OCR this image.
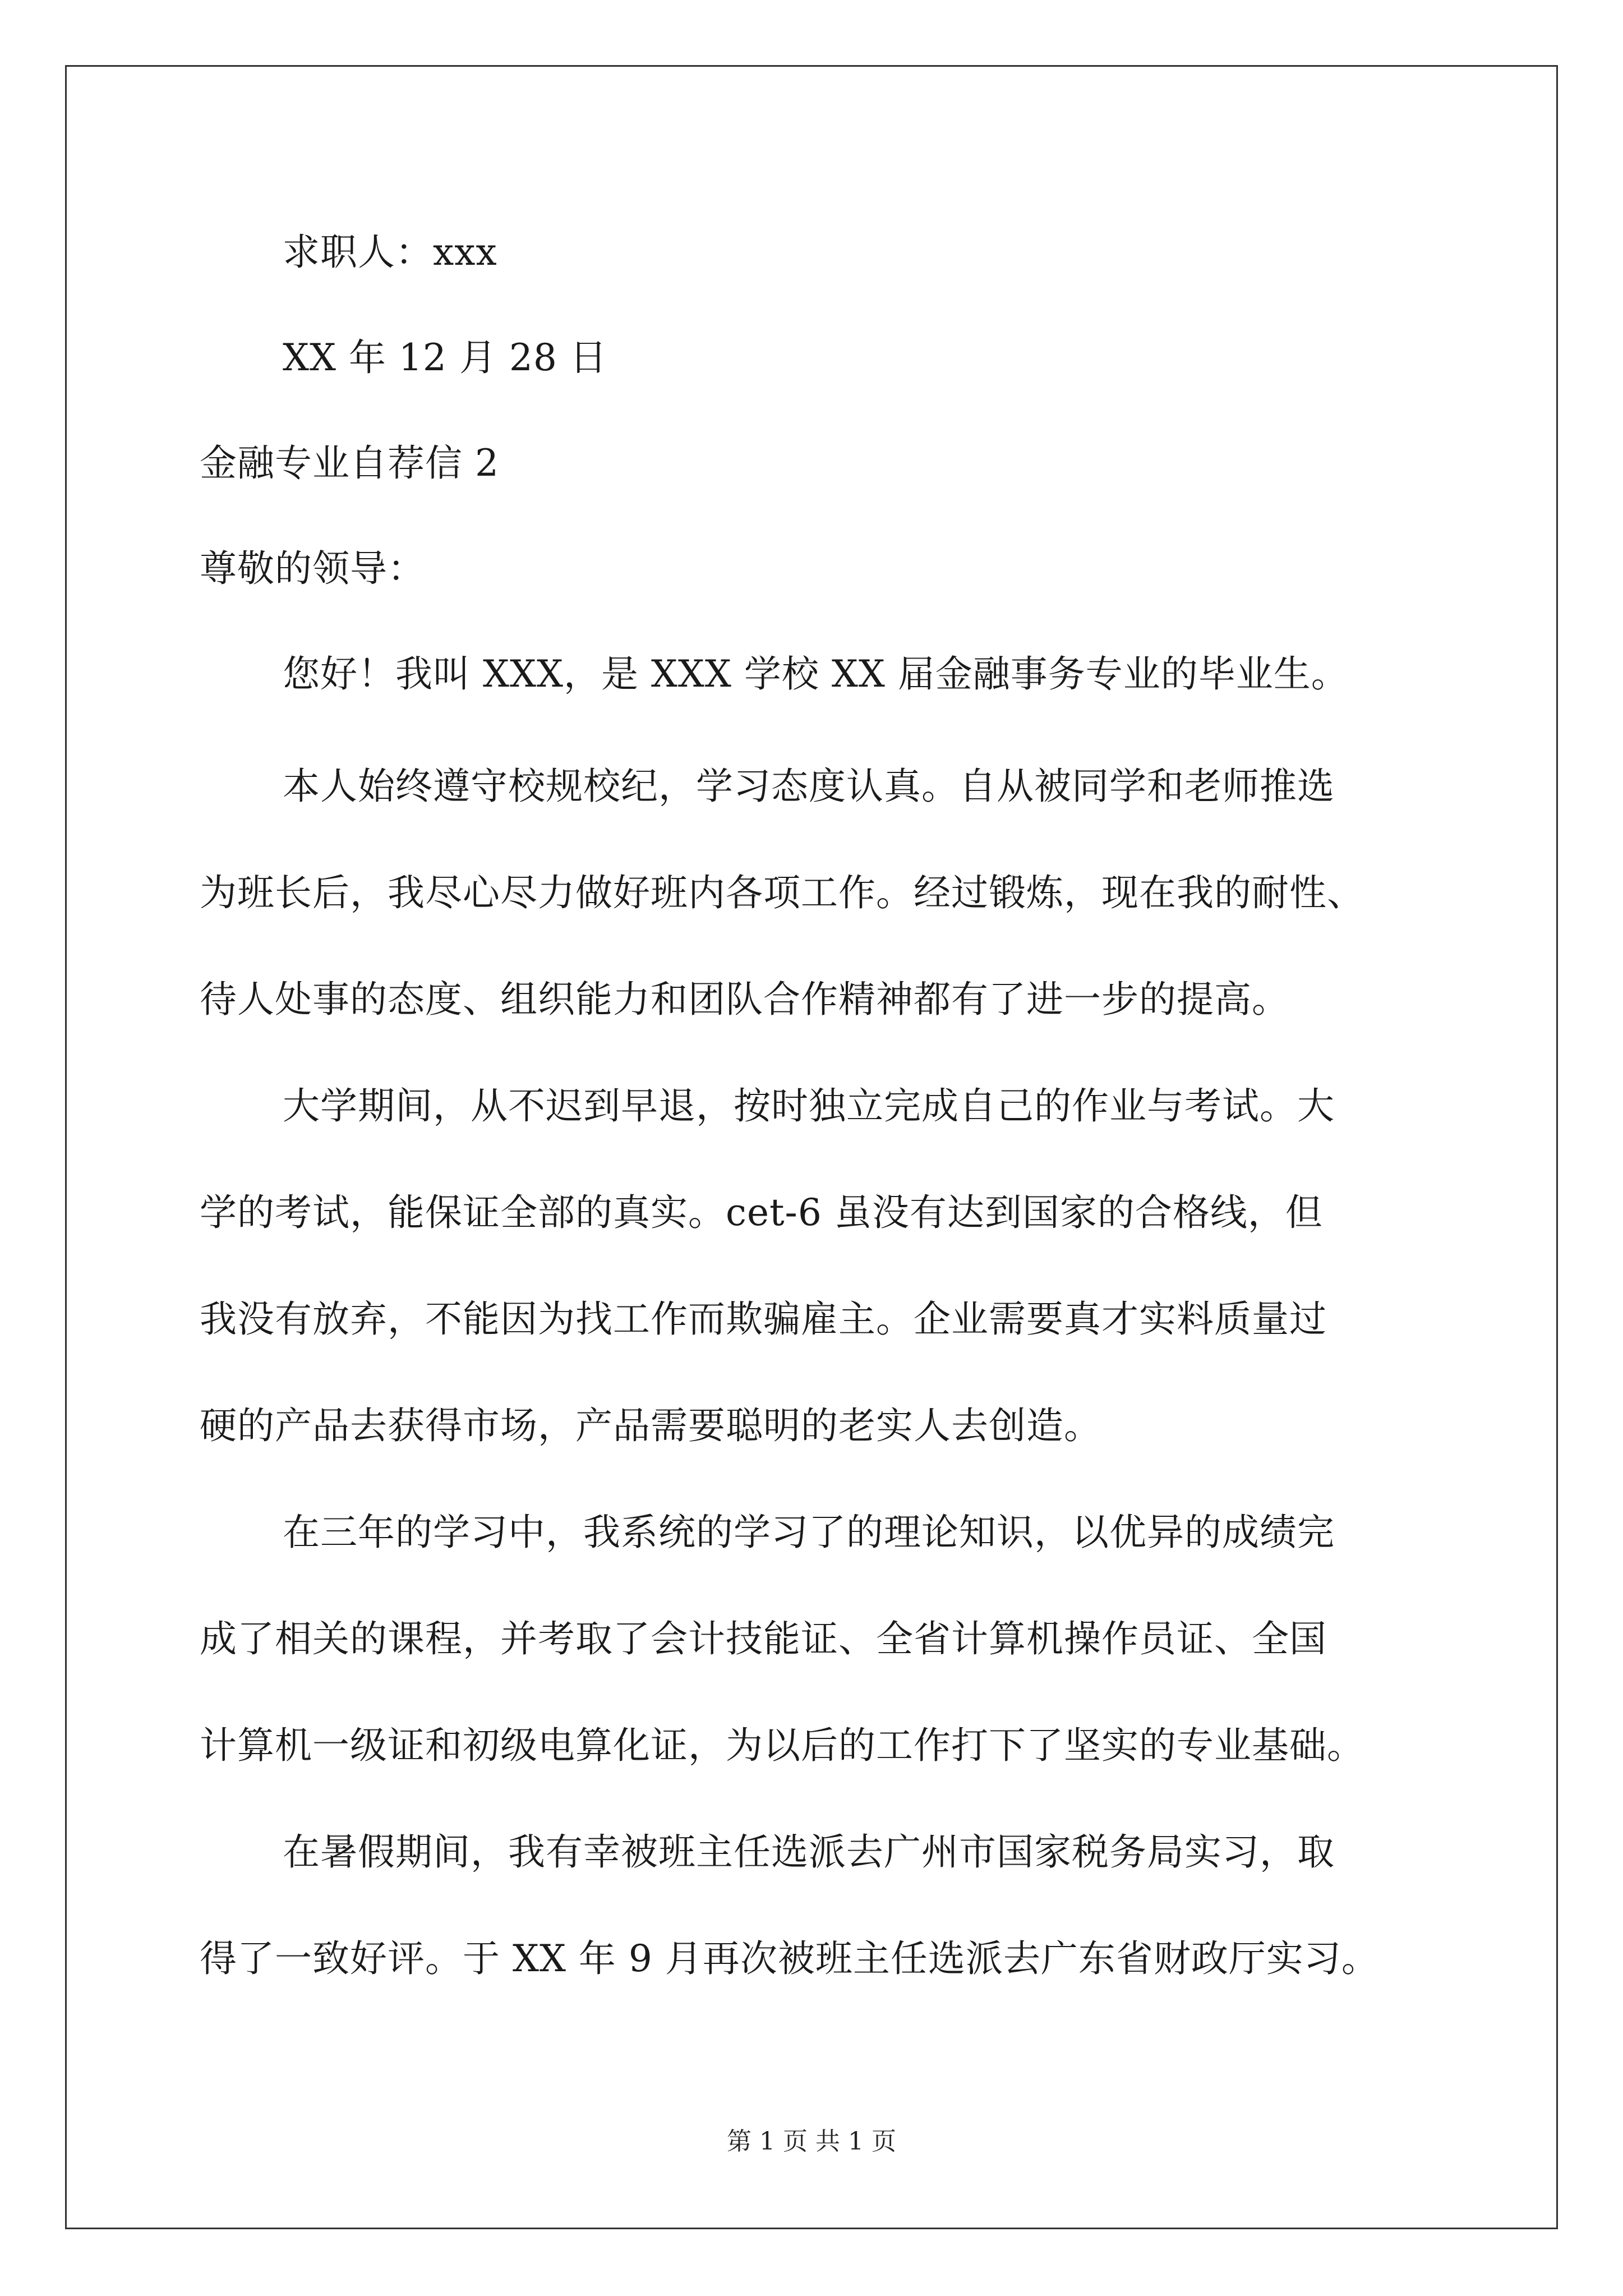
求职人：xxx
XX 年 12 月 28 日
金融专业自荐信 2
尊敬的领导：
您好！我叫 XXX，是 XXX 学校 XX 届金融事务专业的毕业生。
本人始终遵守校规校纪，学习态度认真。自从被同学和老师推选
为班长后，我尽心尽力做好班内各项工作。经过锻炼，现在我的耐性、
待人处事的态度、组织能力和团队合作精神都有了进一步的提高。
大学期间，从不迟到早退，按时独立完成自己的作业与考试。大
学的考试，能保证全部的真实。cet-6 虽没有达到国家的合格线，但
我没有放弃，不能因为找工作而欺骗雇主。企业需要真才实料质量过
硬的产品去获得市场，产品需要聪明的老实人去创造。
在三年的学习中，我系统的学习了的理论知识，以优异的成绩完
成了相关的课程，并考取了会计技能证、全省计算机操作员证、全国
计算机一级证和初级电算化证，为以后的工作打下了坚实的专业基础。
在暑假期间，我有幸被班主任选派去广州市国家税务局实习，取
得了一致好评。于 XX 年 9 月再次被班主任选派去广东省财政厅实习。
第 1 页 共 1 页
